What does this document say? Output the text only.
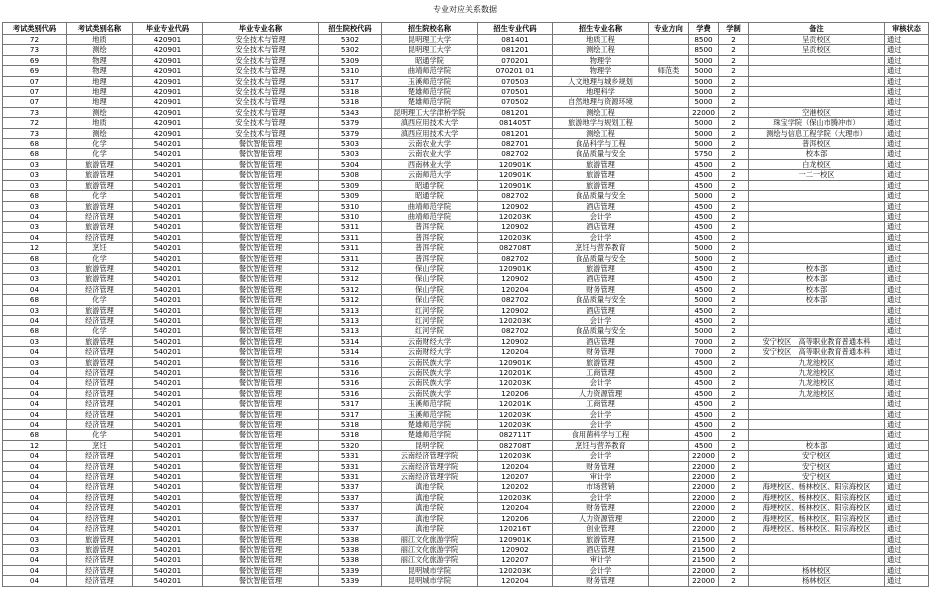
专业对应关系数据
考试类别代码	考试类别名称	毕业专业代码	毕业专业名称	招生院校代码	招生院校名称	招生专业代码	招生专业名称	专业方向	学费	学制	备注	审核状态
72	地质	420901	安全技术与管理	5302	昆明理工大学	081401	地质工程		8500	2	呈贡校区	通过
73	测绘	420901	安全技术与管理	5302	昆明理工大学	081201	测绘工程		8500	2	呈贡校区	通过
69	物理	420901	安全技术与管理	5309	昭通学院	070201	物理学		5000	2		通过
69	物理	420901	安全技术与管理	5310	曲靖师范学院	070201 01	物理学	师范类	5000	2		通过
07	地理	420901	安全技术与管理	5317	玉溪师范学院	070503	人文地理与城乡规划		5000	2		通过
07	地理	420901	安全技术与管理	5318	楚雄师范学院	070501	地理科学		5000	2		通过
07	地理	420901	安全技术与管理	5318	楚雄师范学院	070502	自然地理与资源环境		5000	2		通过
73	测绘	420901	安全技术与管理	5343	昆明理工大学津桥学院	081201	测绘工程		22000	2	空港校区	通过
72	地质	420901	安全技术与管理	5379	滇西应用技术大学	081405T	旅游地学与规划工程		5000	2	珠宝学院（保山市腾冲市）	通过
73	测绘	420901	安全技术与管理	5379	滇西应用技术大学	081201	测绘工程		5000	2	测绘与信息工程学院（大理市）	通过
68	化学	540201	餐饮智能管理	5303	云南农业大学	082701	食品科学与工程		5000	2	普洱校区	通过
68	化学	540201	餐饮智能管理	5303	云南农业大学	082702	食品质量与安全		5750	2	校本部	通过
03	旅游管理	540201	餐饮智能管理	5304	西南林业大学	120901K	旅游管理		4500	2	白龙校区	通过
03	旅游管理	540201	餐饮智能管理	5308	云南师范大学	120901K	旅游管理		4500	2	一二一校区	通过
03	旅游管理	540201	餐饮智能管理	5309	昭通学院	120901K	旅游管理		4500	2		通过
68	化学	540201	餐饮智能管理	5309	昭通学院	082702	食品质量与安全		5000	2		通过
03	旅游管理	540201	餐饮智能管理	5310	曲靖师范学院	120902	酒店管理		4500	2		通过
04	经济管理	540201	餐饮智能管理	5310	曲靖师范学院	120203K	会计学		4500	2		通过
03	旅游管理	540201	餐饮智能管理	5311	普洱学院	120902	酒店管理		4500	2		通过
04	经济管理	540201	餐饮智能管理	5311	普洱学院	120203K	会计学		4500	2		通过
12	烹饪	540201	餐饮智能管理	5311	普洱学院	082708T	烹饪与营养教育		5000	2		通过
68	化学	540201	餐饮智能管理	5311	普洱学院	082702	食品质量与安全		5000	2		通过
03	旅游管理	540201	餐饮智能管理	5312	保山学院	120901K	旅游管理		4500	2	校本部	通过
03	旅游管理	540201	餐饮智能管理	5312	保山学院	120902	酒店管理		4500	2	校本部	通过
04	经济管理	540201	餐饮智能管理	5312	保山学院	120204	财务管理		4500	2	校本部	通过
68	化学	540201	餐饮智能管理	5312	保山学院	082702	食品质量与安全		5000	2	校本部	通过
03	旅游管理	540201	餐饮智能管理	5313	红河学院	120902	酒店管理		4500	2		通过
04	经济管理	540201	餐饮智能管理	5313	红河学院	120203K	会计学		4500	2		通过
68	化学	540201	餐饮智能管理	5313	红河学院	082702	食品质量与安全		5000	2		通过
03	旅游管理	540201	餐饮智能管理	5314	云南财经大学	120902	酒店管理		7000	2	安宁校区　高等职业教育普通本科	通过
04	经济管理	540201	餐饮智能管理	5314	云南财经大学	120204	财务管理		7000	2	安宁校区　高等职业教育普通本科	通过
03	旅游管理	540201	餐饮智能管理	5316	云南民族大学	120901K	旅游管理		4500	2	九龙池校区	通过
04	经济管理	540201	餐饮智能管理	5316	云南民族大学	120201K	工商管理		4500	2	九龙池校区	通过
04	经济管理	540201	餐饮智能管理	5316	云南民族大学	120203K	会计学		4500	2	九龙池校区	通过
04	经济管理	540201	餐饮智能管理	5316	云南民族大学	120206	人力资源管理		4500	2	九龙池校区	通过
04	经济管理	540201	餐饮智能管理	5317	玉溪师范学院	120201K	工商管理		4500	2		通过
04	经济管理	540201	餐饮智能管理	5317	玉溪师范学院	120203K	会计学		4500	2		通过
04	经济管理	540201	餐饮智能管理	5318	楚雄师范学院	120203K	会计学		4500	2		通过
68	化学	540201	餐饮智能管理	5318	楚雄师范学院	082711T	食用菌科学与工程		4500	2		通过
12	烹饪	540201	餐饮智能管理	5320	昆明学院	082708T	烹饪与营养教育		4500	2	校本部	通过
04	经济管理	540201	餐饮智能管理	5331	云南经济管理学院	120203K	会计学		22000	2	安宁校区	通过
04	经济管理	540201	餐饮智能管理	5331	云南经济管理学院	120204	财务管理		22000	2	安宁校区	通过
04	经济管理	540201	餐饮智能管理	5331	云南经济管理学院	120207	审计学		22000	2	安宁校区	通过
04	经济管理	540201	餐饮智能管理	5337	滇池学院	120202	市场营销		22000	2	海埂校区、杨林校区、阳宗海校区	通过
04	经济管理	540201	餐饮智能管理	5337	滇池学院	120203K	会计学		22000	2	海埂校区、杨林校区、阳宗海校区	通过
04	经济管理	540201	餐饮智能管理	5337	滇池学院	120204	财务管理		22000	2	海埂校区、杨林校区、阳宗海校区	通过
04	经济管理	540201	餐饮智能管理	5337	滇池学院	120206	人力资源管理		22000	2	海埂校区、杨林校区、阳宗海校区	通过
04	经济管理	540201	餐饮智能管理	5337	滇池学院	120216T	创业管理		22000	2	海埂校区、杨林校区、阳宗海校区	通过
03	旅游管理	540201	餐饮智能管理	5338	丽江文化旅游学院	120901K	旅游管理		21500	2		通过
03	旅游管理	540201	餐饮智能管理	5338	丽江文化旅游学院	120902	酒店管理		21500	2		通过
04	经济管理	540201	餐饮智能管理	5338	丽江文化旅游学院	120207	审计学		21500	2		通过
04	经济管理	540201	餐饮智能管理	5339	昆明城市学院	120203K	会计学		22000	2	杨林校区	通过
04	经济管理	540201	餐饮智能管理	5339	昆明城市学院	120204	财务管理		22000	2	杨林校区	通过
